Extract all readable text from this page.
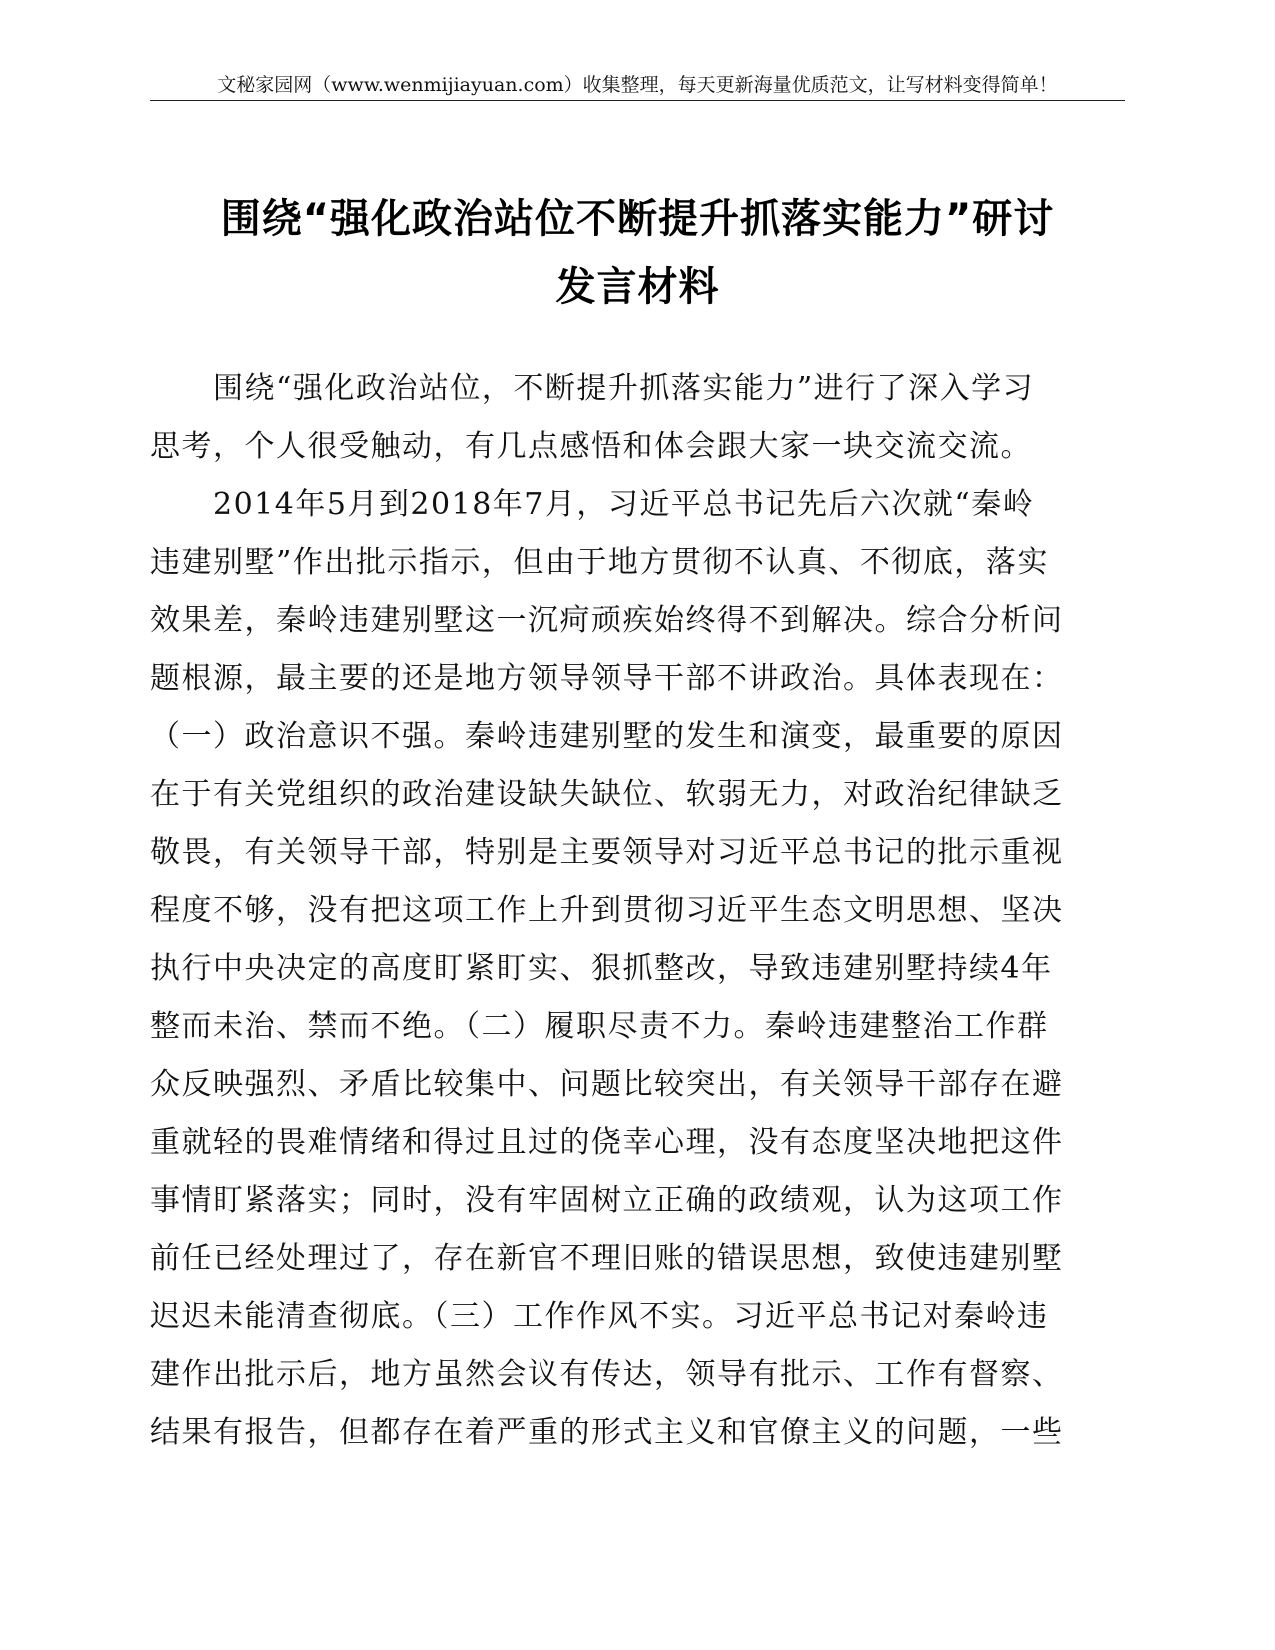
文秘家园网（www.wenmijiayuan.com）收集整理，每天更新海量优质范文，让写材料变得简单！
围绕“强化政治站位不断提升抓落实能力”研讨
发言材料
　　围绕“强化政治站位，不断提升抓落实能力”进行了深入学习
思考，个人很受触动，有几点感悟和体会跟大家一块交流交流。
　　2014年5月到2018年7月，习近平总书记先后六次就“秦岭
违建别墅”作出批示指示，但由于地方贯彻不认真、不彻底，落实
效果差，秦岭违建别墅这一沉疴顽疾始终得不到解决。综合分析问
题根源，最主要的还是地方领导领导干部不讲政治。具体表现在：
（一）政治意识不强。秦岭违建别墅的发生和演变，最重要的原因
在于有关党组织的政治建设缺失缺位、软弱无力，对政治纪律缺乏
敬畏，有关领导干部，特别是主要领导对习近平总书记的批示重视
程度不够，没有把这项工作上升到贯彻习近平生态文明思想、坚决
执行中央决定的高度盯紧盯实、狠抓整改，导致违建别墅持续4年
整而未治、禁而不绝。（二）履职尽责不力。秦岭违建整治工作群
众反映强烈、矛盾比较集中、问题比较突出，有关领导干部存在避
重就轻的畏难情绪和得过且过的侥幸心理，没有态度坚决地把这件
事情盯紧落实；同时，没有牢固树立正确的政绩观，认为这项工作
前任已经处理过了，存在新官不理旧账的错误思想，致使违建别墅
迟迟未能清查彻底。（三）工作作风不实。习近平总书记对秦岭违
建作出批示后，地方虽然会议有传达，领导有批示、工作有督察、
结果有报告，但都存在着严重的形式主义和官僚主义的问题，一些
